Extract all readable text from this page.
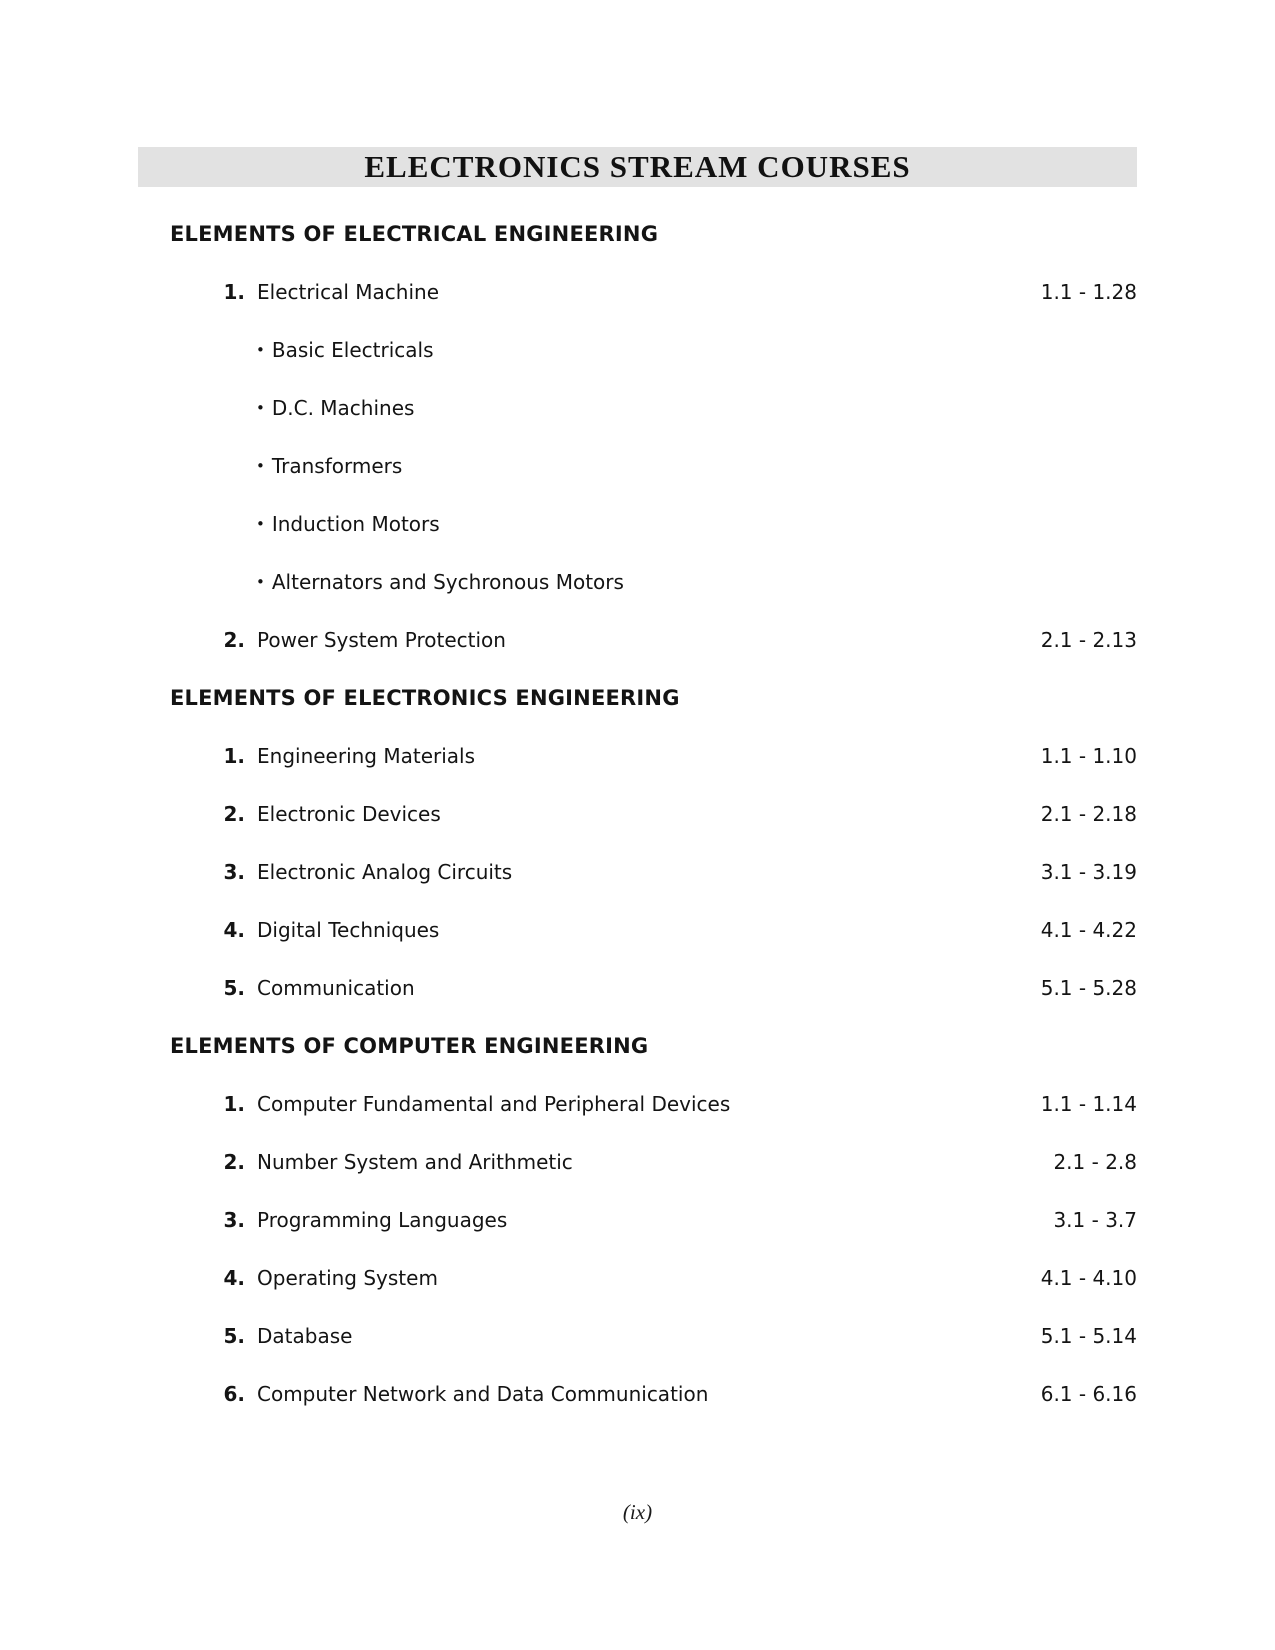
ELECTRONICS STREAM COURSES
ELEMENTS OF ELECTRICAL ENGINEERING
1. Electrical Machine	1.1 - 1.28
• Basic Electricals
• D.C. Machines
• Transformers
• Induction Motors
• Alternators and Sychronous Motors
2. Power System Protection	2.1 - 2.13
ELEMENTS OF ELECTRONICS ENGINEERING
1. Engineering Materials	1.1 - 1.10
2. Electronic Devices	2.1 - 2.18
3. Electronic Analog Circuits	3.1 - 3.19
4. Digital Techniques	4.1 - 4.22
5. Communication	5.1 - 5.28
ELEMENTS OF COMPUTER ENGINEERING
1. Computer Fundamental and Peripheral Devices	1.1 - 1.14
2. Number System and Arithmetic	2.1 - 2.8
3. Programming Languages	3.1 - 3.7
4. Operating System	4.1 - 4.10
5. Database	5.1 - 5.14
6. Computer Network and Data Communication	6.1 - 6.16
(ix)
